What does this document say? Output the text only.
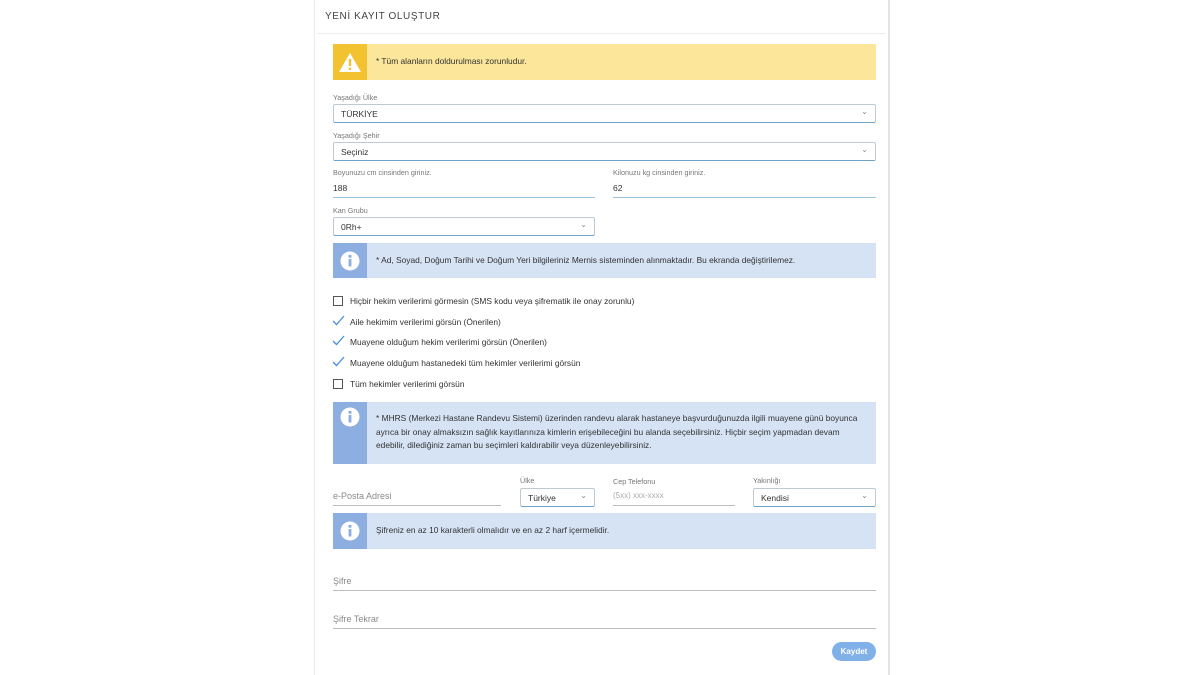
YENİ KAYIT OLUŞTUR
* Tüm alanların doldurulması zorunludur.
Yaşadığı Ülke
TÜRKİYE	⌄
Yaşadığı Şehir
Seçiniz	⌄
Boyunuzu cm cinsinden giriniz.
188
Kilonuzu kg cinsinden giriniz.
62
Kan Grubu
0Rh+	⌄
* Ad, Soyad, Doğum Tarihi ve Doğum Yeri bilgileriniz Mernis sisteminden alınmaktadır. Bu ekranda değiştirilemez.
Hiçbir hekim verilerimi görmesin (SMS kodu veya şifrematik ile onay zorunlu)
Aile hekimim verilerimi görsün (Önerilen)
Muayene olduğum hekim verilerimi görsün (Önerilen)
Muayene olduğum hastanedeki tüm hekimler verilerimi görsün
Tüm hekimler verilerimi görsün
* MHRS (Merkezi Hastane Randevu Sistemi) üzerinden randevu alarak hastaneye başvurduğunuzda ilgili muayene günü boyunca
ayrıca bir onay almaksızın sağlık kayıtlarınıza kimlerin erişebileceğini bu alanda seçebilirsiniz. Hiçbir seçim yapmadan devam
edebilir, dilediğiniz zaman bu seçimleri kaldırabilir veya düzenleyebilirsiniz.
e-Posta Adresi
Ülke
Türkiye	⌄
Cep Telefonu
(5xx) xxx-xxxx
Yakınlığı
Kendisi	⌄
Şifreniz en az 10 karakterli olmalıdır ve en az 2 harf içermelidir.
Şifre
Şifre Tekrar
Kaydet
